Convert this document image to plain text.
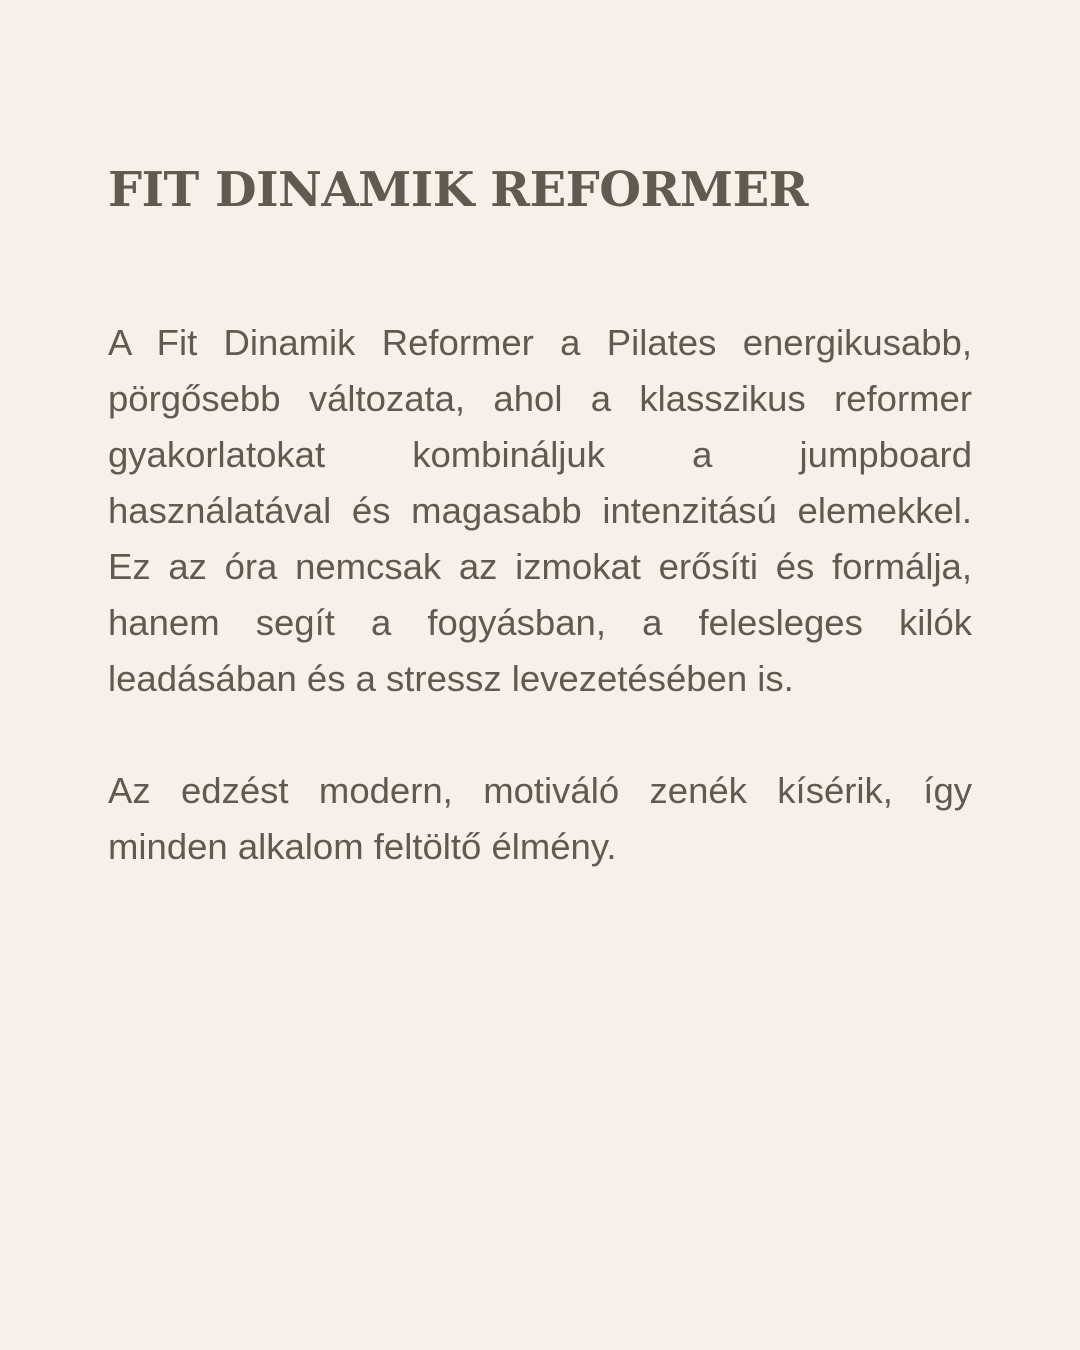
FIT DINAMIK REFORMER

A Fit Dinamik Reformer a Pilates energikusabb, pörgősebb változata, ahol a klasszikus reformer gyakorlatokat kombináljuk a jumpboard használatával és magasabb intenzitású elemekkel. Ez az óra nemcsak az izmokat erősíti és formálja, hanem segít a fogyásban, a felesleges kilók leadásában és a stressz levezetésében is.

Az edzést modern, motiváló zenék kísérik, így minden alkalom feltöltő élmény.
